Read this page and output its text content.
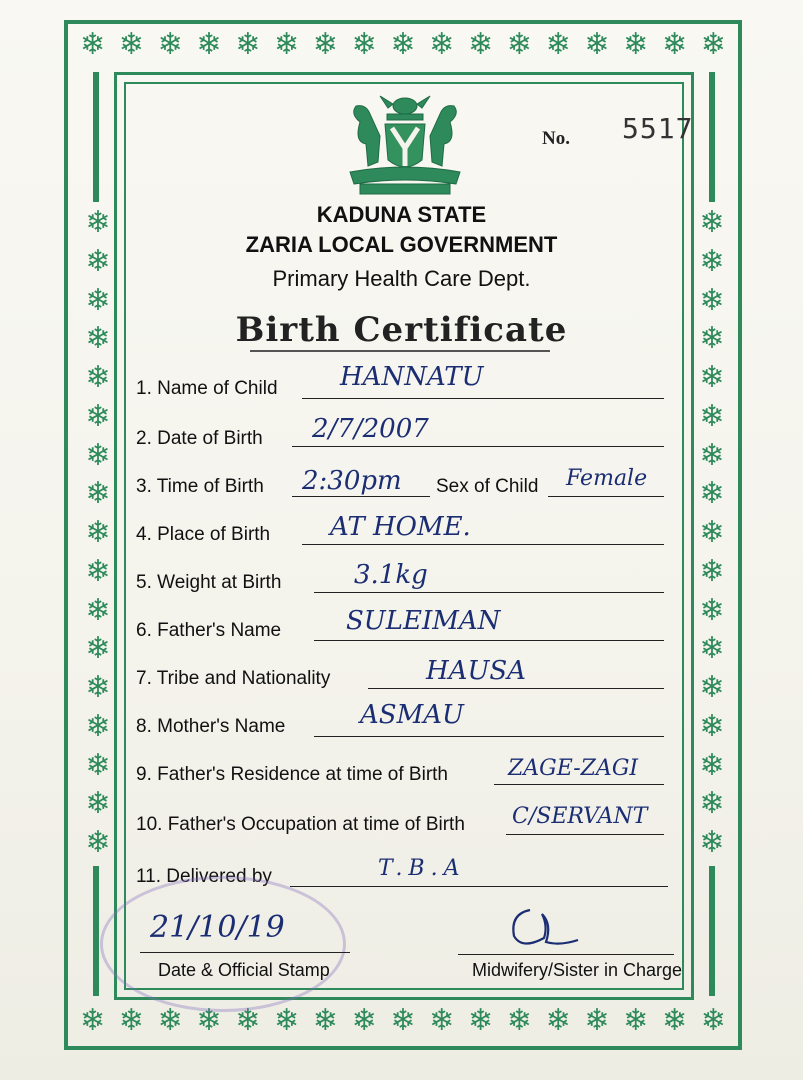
❄ ❄ ❄ ❄ ❄ ❄ ❄ ❄ ❄ ❄ ❄ ❄ ❄ ❄ ❄ ❄ ❄
❄ ❄ ❄ ❄ ❄ ❄ ❄ ❄ ❄ ❄ ❄ ❄ ❄ ❄ ❄ ❄ ❄
❄
❄
❄
❄
❄
❄
❄
❄
❄
❄
❄
❄
❄
❄
❄
❄
❄
❄
❄
❄
❄
❄
❄
❄
❄
❄
❄
❄
❄
❄
❄
❄
❄
❄
No. 5517
KADUNA STATE
ZARIA LOCAL GOVERNMENT
Primary Health Care Dept.
Birth Certificate
1. Name of Child HANNATU
2. Date of Birth 2/7/2007
3. Time of Birth 2:30pm Sex of Child Female
4. Place of Birth AT HOME.
5. Weight at Birth	3.1kg
6. Father's Name SULEIMAN
7. Tribe and Nationality	HAUSA
8. Mother's Name	ASMAU
9. Father's Residence at time of Birth	ZAGE-ZAGI
10. Father's Occupation at time of Birth C/SERVANT
11. Delivered by	T.B.A
21/10/19
Date & Official Stamp	Midwifery/Sister in Charge
